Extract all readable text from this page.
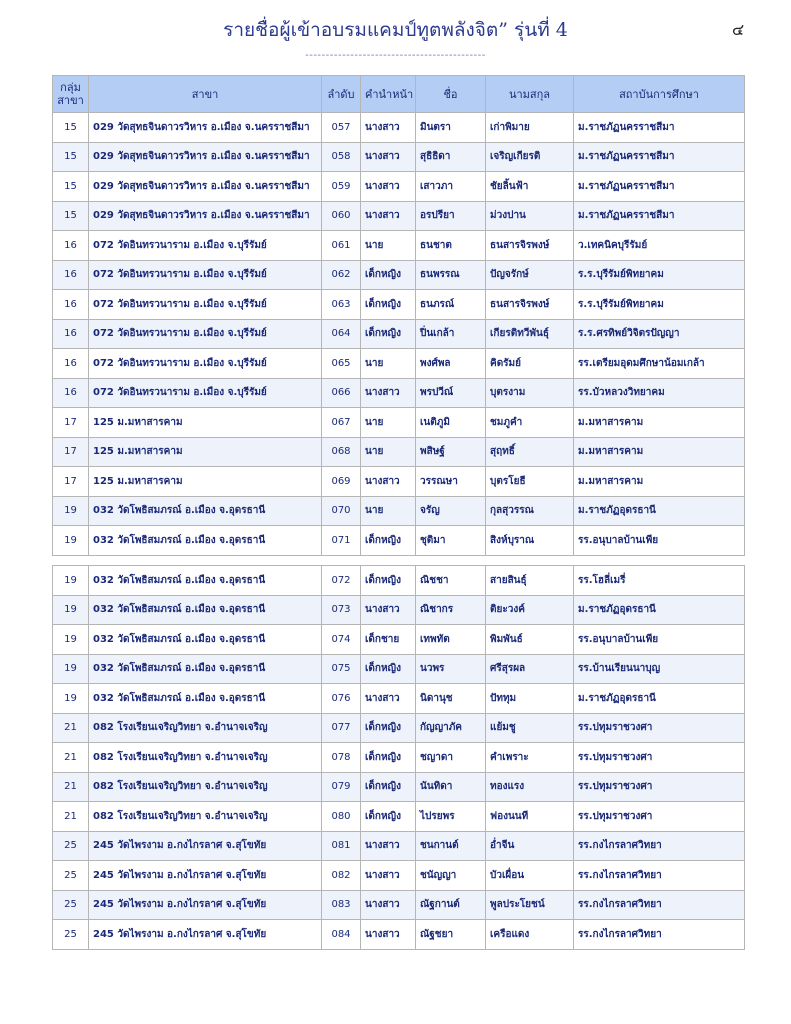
รายชื่อผู้เข้าอบรมแคมป์ทูตพลังจิต” รุ่นที่ 4	๔
--------------------------------------------
กลุ่ม
สาขา	สาขา	ลำดับ	คำนำหน้า	ชื่อ	นามสกุล	สถาบันการศึกษา
15	029 วัดสุทธจินดาวรวิหาร อ.เมือง จ.นครราชสีมา	057	นางสาว	มินตรา	เก่าพิมาย	ม.ราชภัฏนครราชสีมา
15	029 วัดสุทธจินดาวรวิหาร อ.เมือง จ.นครราชสีมา	058	นางสาว	สุธิธิดา	เจริญเกียรติ	ม.ราชภัฏนครราชสีมา
15	029 วัดสุทธจินดาวรวิหาร อ.เมือง จ.นครราชสีมา	059	นางสาว	เสาวภา	ชัยลิ้นฟ้า	ม.ราชภัฏนครราชสีมา
15	029 วัดสุทธจินดาวรวิหาร อ.เมือง จ.นครราชสีมา	060	นางสาว	อรปรียา	ม่วงปาน	ม.ราชภัฏนครราชสีมา
16	072 วัดอินทรวนาราม อ.เมือง จ.บุรีรัมย์	061	นาย	ธนชาต	ธนสารจิรพงษ์	ว.เทคนิคบุรีรัมย์
16	072 วัดอินทรวนาราม อ.เมือง จ.บุรีรัมย์	062	เด็กหญิง	ธนพรรณ	ปัญจรักษ์	ร.ร.บุรีรัมย์พิทยาคม
16	072 วัดอินทรวนาราม อ.เมือง จ.บุรีรัมย์	063	เด็กหญิง	ธนภรณ์	ธนสารจิรพงษ์	ร.ร.บุรีรัมย์พิทยาคม
16	072 วัดอินทรวนาราม อ.เมือง จ.บุรีรัมย์	064	เด็กหญิง	ปิ่นเกล้า	เกียรติทวีพันธุ์	ร.ร.ศรทิพย์วิจิตรปัญญา
16	072 วัดอินทรวนาราม อ.เมือง จ.บุรีรัมย์	065	นาย	พงศ์พล	คิดรัมย์	รร.เตรียมอุดมศึกษาน้อมเกล้า
16	072 วัดอินทรวนาราม อ.เมือง จ.บุรีรัมย์	066	นางสาว	พรปวีณ์	บุตรงาม	รร.บัวหลวงวิทยาคม
17	125 ม.มหาสารคาม	067	นาย	เนติภูมิ	ชมภูคำ	ม.มหาสารคาม
17	125 ม.มหาสารคาม	068	นาย	พสิษฐ์	สุฤทธิ์	ม.มหาสารคาม
17	125 ม.มหาสารคาม	069	นางสาว	วรรณษา	บุตรโยธี	ม.มหาสารคาม
19	032 วัดโพธิสมภรณ์ อ.เมือง จ.อุดรธานี	070	นาย	จรัญ	กุลสุวรรณ	ม.ราชภัฏอุดรธานี
19	032 วัดโพธิสมภรณ์ อ.เมือง จ.อุดรธานี	071	เด็กหญิง	ชุติมา	สิงห์บุราณ	รร.อนุบาลบ้านเพีย
19	032 วัดโพธิสมภรณ์ อ.เมือง จ.อุดรธานี	072	เด็กหญิง	ณิชชา	สายสินธุ์	รร.โฮลี่เมรี่
19	032 วัดโพธิสมภรณ์ อ.เมือง จ.อุดรธานี	073	นางสาว	ณิชากร	ติยะวงค์	ม.ราชภัฏอุดรธานี
19	032 วัดโพธิสมภรณ์ อ.เมือง จ.อุดรธานี	074	เด็กชาย	เทพทัต	พิมพันธ์	รร.อนุบาลบ้านเพีย
19	032 วัดโพธิสมภรณ์ อ.เมือง จ.อุดรธานี	075	เด็กหญิง	นวพร	ศรีสุรผล	รร.บ้านเรียนนาบุญ
19	032 วัดโพธิสมภรณ์ อ.เมือง จ.อุดรธานี	076	นางสาว	นิดานุช	ปัททุม	ม.ราชภัฏอุดรธานี
21	082 โรงเรียนเจริญวิทยา จ.อำนาจเจริญ	077	เด็กหญิง	กัญญาภัค	แย้มชู	รร.ปทุมราชวงศา
21	082 โรงเรียนเจริญวิทยา จ.อำนาจเจริญ	078	เด็กหญิง	ชญาดา	คำเพราะ	รร.ปทุมราชวงศา
21	082 โรงเรียนเจริญวิทยา จ.อำนาจเจริญ	079	เด็กหญิง	นันทิดา	ทองแรง	รร.ปทุมราชวงศา
21	082 โรงเรียนเจริญวิทยา จ.อำนาจเจริญ	080	เด็กหญิง	ไปรยพร	ฟองนนที	รร.ปทุมราชวงศา
25	245 วัดไพรงาม อ.กงไกรลาศ จ.สุโขทัย	081	นางสาว	ชนกานต์	อ่ำจีน	รร.กงไกรลาศวิทยา
25	245 วัดไพรงาม อ.กงไกรลาศ จ.สุโขทัย	082	นางสาว	ชนัญญา	บัวเผื่อน	รร.กงไกรลาศวิทยา
25	245 วัดไพรงาม อ.กงไกรลาศ จ.สุโขทัย	083	นางสาว	ณัฐกานต์	พูลประโยชน์	รร.กงไกรลาศวิทยา
25	245 วัดไพรงาม อ.กงไกรลาศ จ.สุโขทัย	084	นางสาว	ณัฐชยา	เครือแดง	รร.กงไกรลาศวิทยา
